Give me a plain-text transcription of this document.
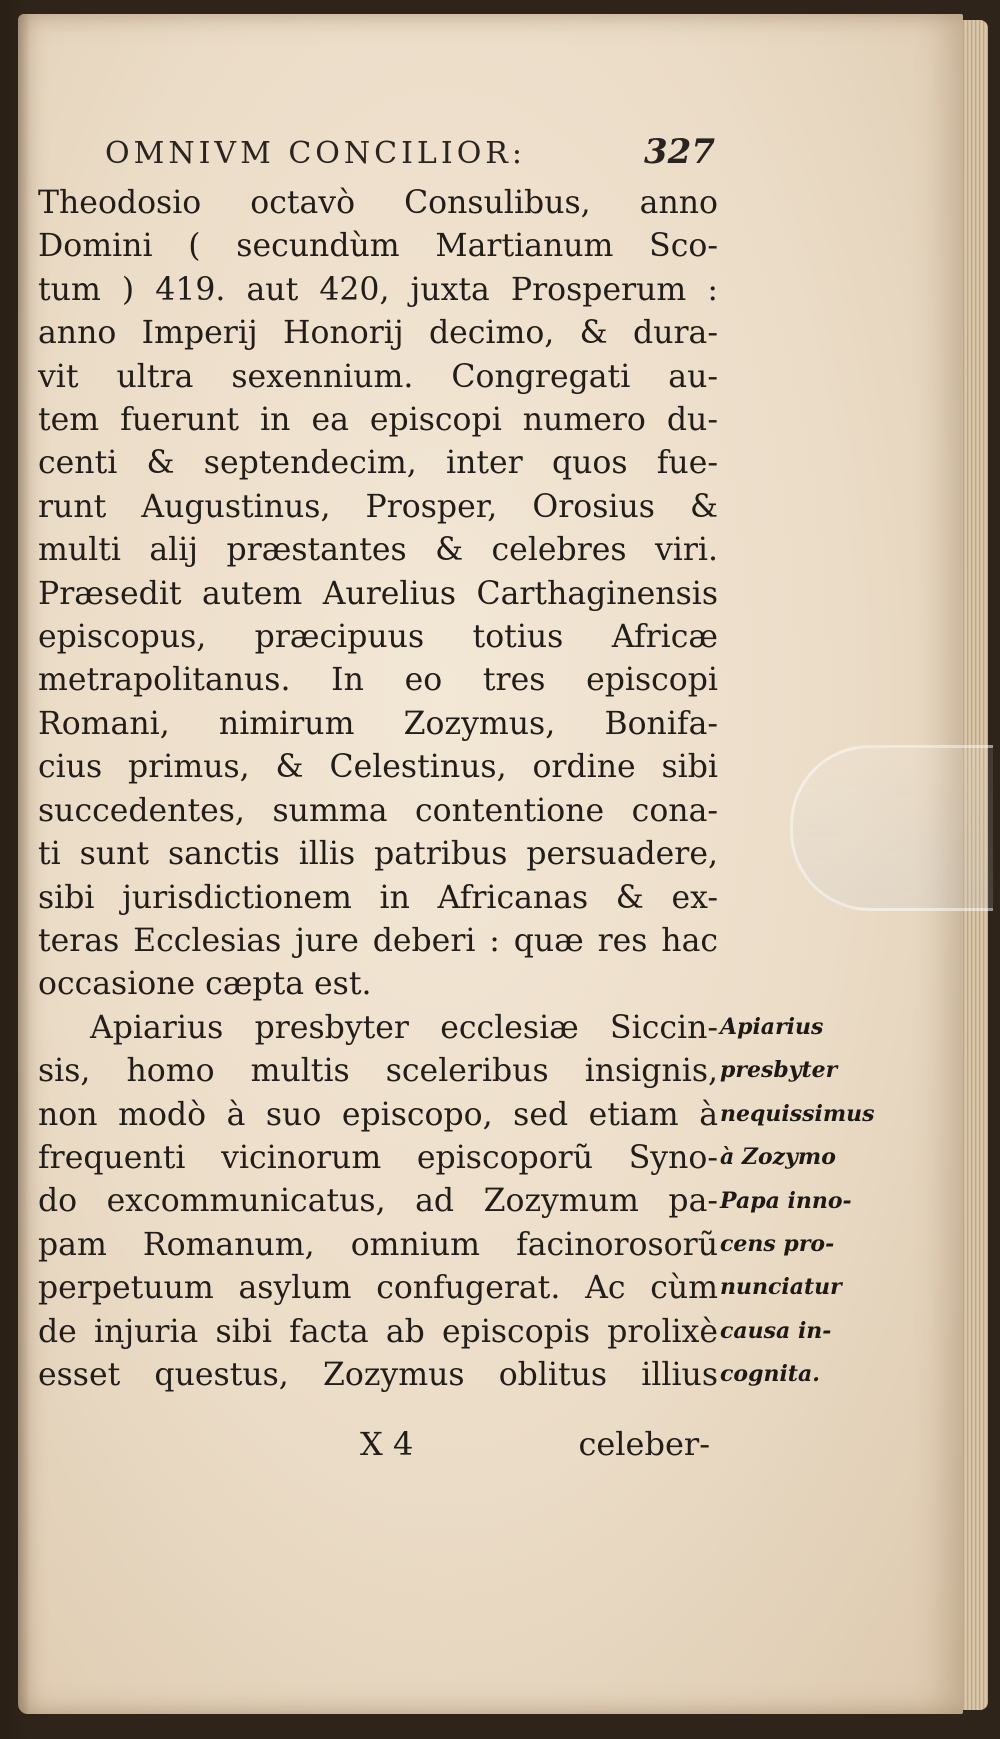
OMNIVM CONCILIOR:	327
Theodosio octavò Consulibus, anno
Domini ( secundùm Martianum Sco-
tum ) 419. aut 420, juxta Prosperum :
anno Imperij Honorij decimo, & dura-
vit ultra sexennium. Congregati au-
tem fuerunt in ea episcopi numero du-
centi & septendecim, inter quos fue-
runt Augustinus, Prosper, Orosius &
multi alij præstantes & celebres viri.
Præsedit autem Aurelius Carthaginensis
episcopus, præcipuus totius Africæ
metrapolitanus. In eo tres episcopi
Romani, nimirum Zozymus, Bonifa-
cius primus, & Celestinus, ordine sibi
succedentes, summa contentione cona-
ti sunt sanctis illis patribus persuadere,
sibi jurisdictionem in Africanas & ex-
teras Ecclesias jure deberi : quæ res hac
occasione cæpta est.
Apiarius presbyter ecclesiæ Siccin-
sis, homo multis sceleribus insignis,
non modò à suo episcopo, sed etiam à
frequenti vicinorum episcoporũ Syno-
do excommunicatus, ad Zozymum pa-
pam Romanum, omnium facinorosorũ
perpetuum asylum confugerat. Ac cùm
de injuria sibi facta ab episcopis prolixè
esset questus, Zozymus oblitus illius
Apiarius
presbyter
nequissimus
à Zozymo
Papa inno-
cens pro-
nunciatur
causa in-
cognita.
X 4	celeber-
